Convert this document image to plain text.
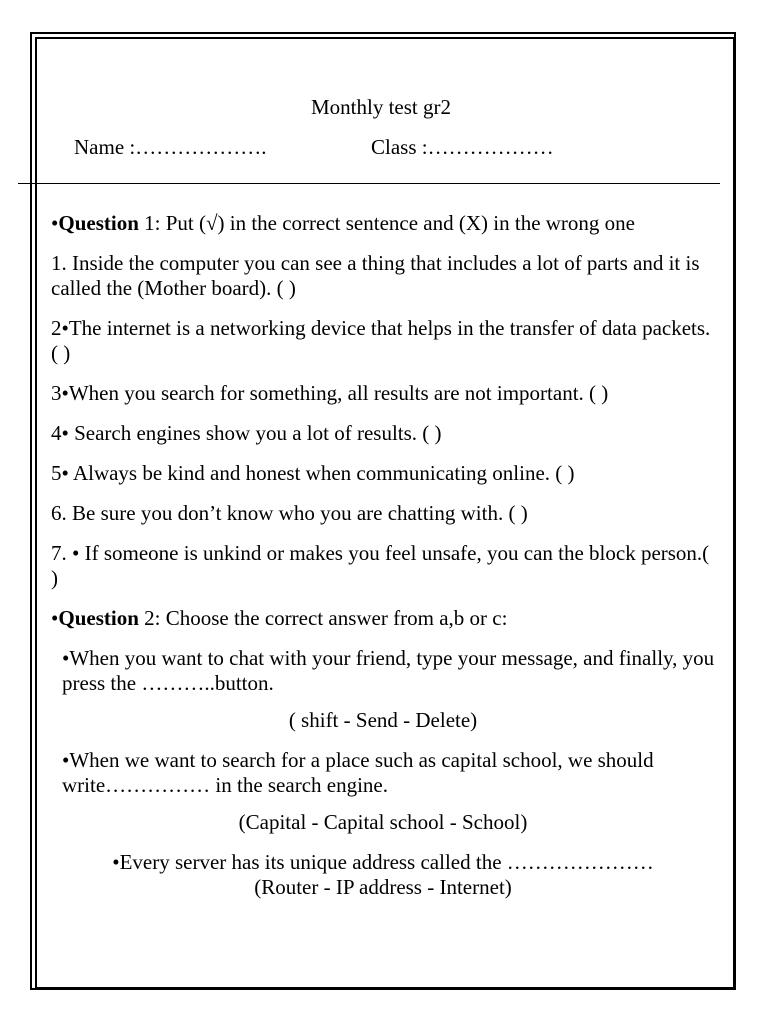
Monthly test gr2
Name :……………….	Class :………………

•Question 1: Put (√) in the correct sentence and (X) in the wrong one

1. Inside the computer you can see a thing that includes a lot of parts and it is called the (Mother board). ( )

2•The internet is a networking device that helps in the transfer of data packets. ( )

3•When you search for something, all results are not important. ( )

4• Search engines show you a lot of results. ( )

5• Always be kind and honest when communicating online. ( )

6. Be sure you don’t know who you are chatting with. ( )

7. • If someone is unkind or makes you feel unsafe, you can the block person.( )

•Question 2: Choose the correct answer from a,b or c:

•When you want to chat with your friend, type your message, and finally, you press the ………..button.

( shift - Send - Delete)

•When we want to search for a place such as capital school, we should write…………… in the search engine.

(Capital - Capital school - School)

•Every server has its unique address called the …………………

(Router - IP address - Internet)
